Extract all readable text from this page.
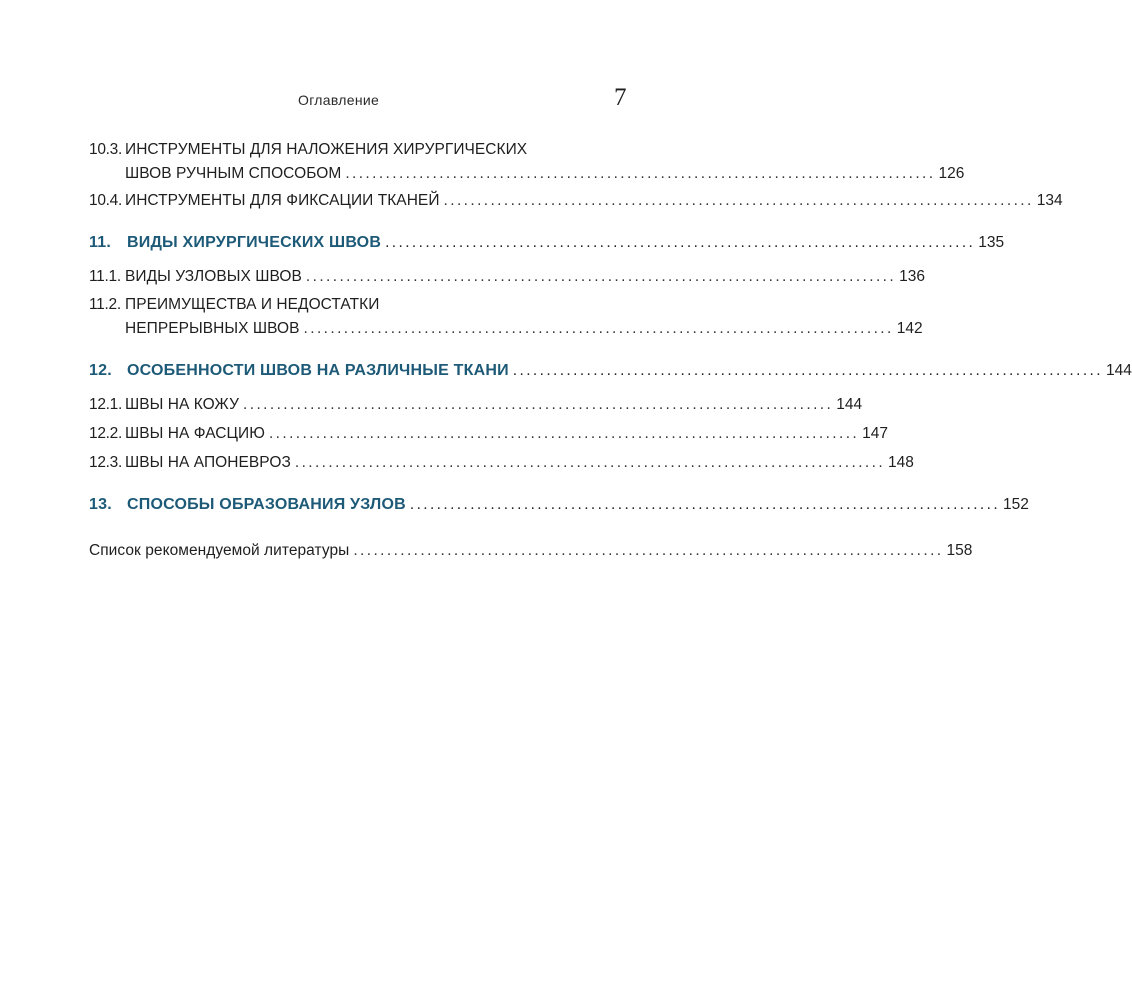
Оглавление	7
10.3. ИНСТРУМЕНТЫ ДЛЯ НАЛОЖЕНИЯ ХИРУРГИЧЕСКИХ
ШВОВ РУЧНЫМ СПОСОБОМ ........................................................................................ 126
10.4. ИНСТРУМЕНТЫ ДЛЯ ФИКСАЦИИ ТКАНЕЙ ........................................................................................ 134
11.	ВИДЫ ХИРУРГИЧЕСКИХ ШВОВ ........................................................................................ 135
11.1. ВИДЫ УЗЛОВЫХ ШВОВ ........................................................................................ 136
11.2. ПРЕИМУЩЕСТВА И НЕДОСТАТКИ
НЕПРЕРЫВНЫХ ШВОВ ........................................................................................ 142
12. ОСОБЕННОСТИ ШВОВ НА РАЗЛИЧНЫЕ ТКАНИ ........................................................................................ 144
12.1. ШВЫ НА КОЖУ ........................................................................................ 144
12.2. ШВЫ НА ФАСЦИЮ ........................................................................................ 147
12.3. ШВЫ НА АПОНЕВРОЗ ........................................................................................ 148
13. СПОСОБЫ ОБРАЗОВАНИЯ УЗЛОВ ........................................................................................ 152
Список рекомендуемой литературы ........................................................................................ 158
